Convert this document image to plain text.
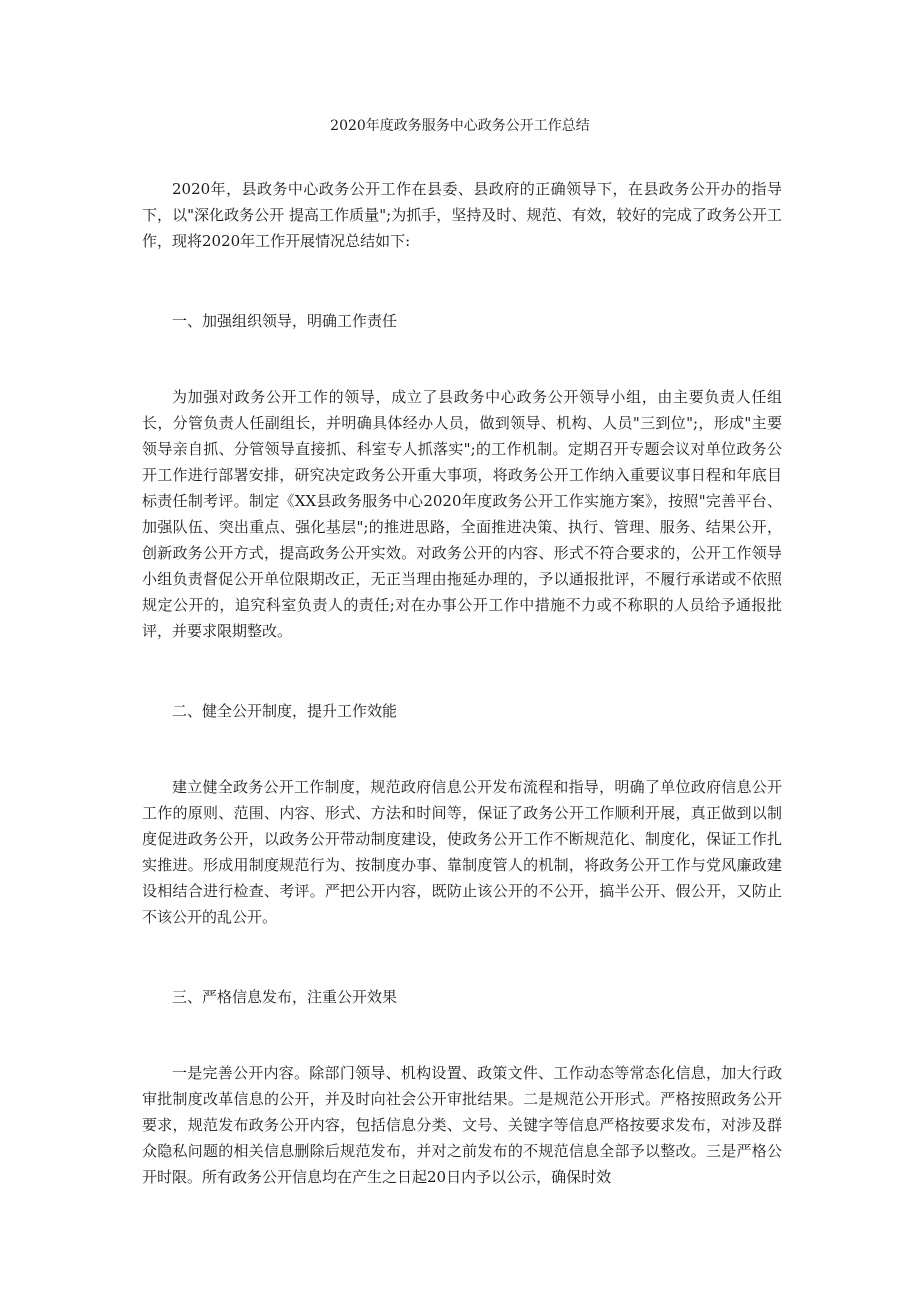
2020年度政务服务中心政务公开工作总结

2020年，县政务中心政务公开工作在县委、县政府的正确领导下，在县政务公开办的指导下，以"深化政务公开 提高工作质量";为抓手，坚持及时、规范、有效，较好的完成了政务公开工作，现将2020年工作开展情况总结如下:

一、加强组织领导，明确工作责任

为加强对政务公开工作的领导，成立了县政务中心政务公开领导小组，由主要负责人任组长，分管负责人任副组长，并明确具体经办人员，做到领导、机构、人员"三到位";，形成"主要领导亲自抓、分管领导直接抓、科室专人抓落实";的工作机制。定期召开专题会议对单位政务公开工作进行部署安排，研究决定政务公开重大事项，将政务公开工作纳入重要议事日程和年底目标责任制考评。制定《XX县政务服务中心2020年度政务公开工作实施方案》，按照"完善平台、加强队伍、突出重点、强化基层";的推进思路，全面推进决策、执行、管理、服务、结果公开，创新政务公开方式，提高政务公开实效。对政务公开的内容、形式不符合要求的，公开工作领导小组负责督促公开单位限期改正，无正当理由拖延办理的，予以通报批评，不履行承诺或不依照规定公开的，追究科室负责人的责任;对在办事公开工作中措施不力或不称职的人员给予通报批评，并要求限期整改。

二、健全公开制度，提升工作效能

建立健全政务公开工作制度，规范政府信息公开发布流程和指导，明确了单位政府信息公开工作的原则、范围、内容、形式、方法和时间等，保证了政务公开工作顺利开展，真正做到以制度促进政务公开，以政务公开带动制度建设，使政务公开工作不断规范化、制度化，保证工作扎实推进。形成用制度规范行为、按制度办事、靠制度管人的机制，将政务公开工作与党风廉政建设相结合进行检查、考评。严把公开内容，既防止该公开的不公开，搞半公开、假公开，又防止不该公开的乱公开。

三、严格信息发布，注重公开效果

一是完善公开内容。除部门领导、机构设置、政策文件、工作动态等常态化信息，加大行政审批制度改革信息的公开，并及时向社会公开审批结果。二是规范公开形式。严格按照政务公开要求，规范发布政务公开内容，包括信息分类、文号、关键字等信息严格按要求发布，对涉及群众隐私问题的相关信息删除后规范发布，并对之前发布的不规范信息全部予以整改。三是严格公开时限。所有政务公开信息均在产生之日起20日内予以公示，确保时效
